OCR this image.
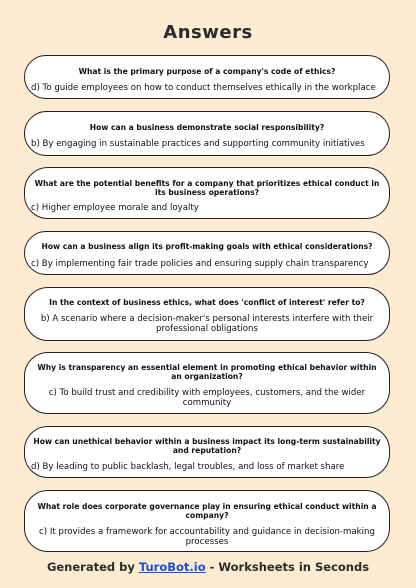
Answers
What is the primary purpose of a company's code of ethics?
d) To guide employees on how to conduct themselves ethically in the workplace
How can a business demonstrate social responsibility?
b) By engaging in sustainable practices and supporting community initiatives
What are the potential benefits for a company that prioritizes ethical conduct in its business operations?
c) Higher employee morale and loyalty
How can a business align its profit-making goals with ethical considerations?
c) By implementing fair trade policies and ensuring supply chain transparency
In the context of business ethics, what does 'conflict of interest' refer to?
b) A scenario where a decision-maker's personal interests interfere with their professional obligations
Why is transparency an essential element in promoting ethical behavior within an organization?
c) To build trust and credibility with employees, customers, and the wider community
How can unethical behavior within a business impact its long-term sustainability and reputation?
d) By leading to public backlash, legal troubles, and loss of market share
What role does corporate governance play in ensuring ethical conduct within a company?
c) It provides a framework for accountability and guidance in decision-making processes
Generated by TuroBot.io - Worksheets in Seconds
